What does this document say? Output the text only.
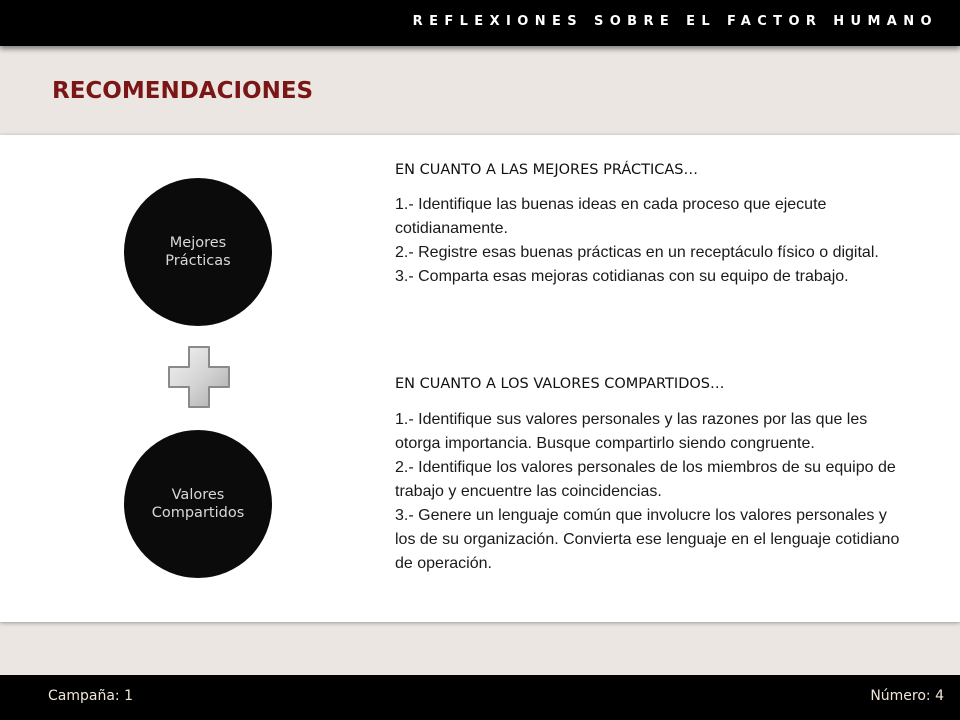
REFLEXIONES SOBRE EL FACTOR HUMANO
RECOMENDACIONES
Mejores
Prácticas
Valores
Compartidos
EN CUANTO A LAS MEJORES PRÁCTICAS…
1.- Identifique las buenas ideas en cada proceso que ejecute cotidianamente.
2.- Registre esas buenas prácticas en un receptáculo físico o digital.
3.- Comparta esas mejoras cotidianas con su equipo de trabajo.
EN CUANTO A LOS VALORES COMPARTIDOS…
1.- Identifique sus valores personales y las razones por las que les otorga importancia. Busque compartirlo siendo congruente.
2.- Identifique los valores personales de los miembros de su equipo de trabajo y encuentre las coincidencias.
3.- Genere un lenguaje común que involucre los valores personales y los de su organización. Convierta ese lenguaje en el lenguaje cotidiano de operación.
Campaña: 1	Número: 4
